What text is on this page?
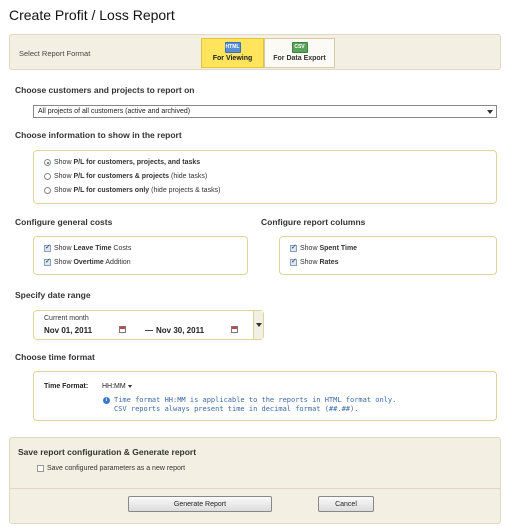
Create Profit / Loss Report
Select Report Format
HTML
For Viewing
CSV
For Data Export
Choose customers and projects to report on
All projects of all customers (active and archived)
Choose information to show in the report
Show P/L for customers, projects, and tasks
Show P/L for customers & projects (hide tasks)
Show P/L for customers only (hide projects & tasks)
Configure general costs
✓
Show Leave Time Costs
✓
Show Overtime Addition
Configure report columns
✓
Show Spent Time
✓
Show Rates
Specify date range
Current month
Nov 01, 2011	— Nov 30, 2011
Choose time format
Time Format: HH:MM
i Time format HH:MM is applicable to the reports in HTML format only.
CSV reports always present time in decimal format (##.##).
Save report configuration & Generate report
Save configured parameters as a new report
Generate Report	Cancel
